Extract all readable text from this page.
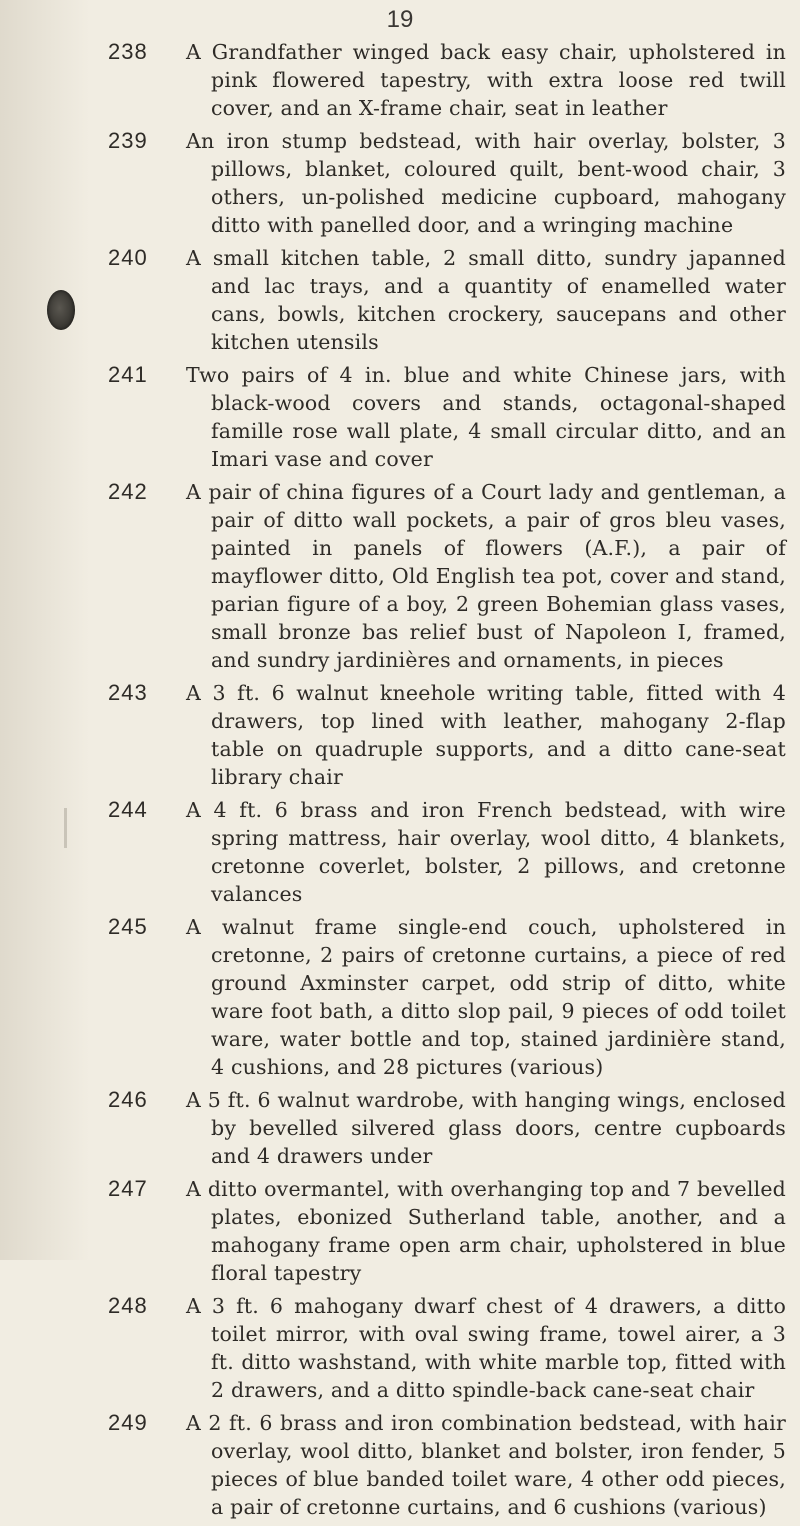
19
238 A Grandfather winged back easy chair, upholstered in pink flowered tapestry, with extra loose red twill cover, and an X-frame chair, seat in leather
239 An iron stump bedstead, with hair overlay, bolster, 3 pillows, blanket, coloured quilt, bent-wood chair, 3 others, un-polished medicine cupboard, mahogany ditto with panelled door, and a wringing machine
240 A small kitchen table, 2 small ditto, sundry japanned and lac trays, and a quantity of enamelled water cans, bowls, kitchen crockery, saucepans and other kitchen utensils
241 Two pairs of 4 in. blue and white Chinese jars, with black-wood covers and stands, octagonal-shaped famille rose wall plate, 4 small circular ditto, and an Imari vase and cover
242 A pair of china figures of a Court lady and gentleman, a pair of ditto wall pockets, a pair of gros bleu vases, painted in panels of flowers (A.F.), a pair of mayflower ditto, Old English tea pot, cover and stand, parian figure of a boy, 2 green Bohemian glass vases, small bronze bas relief bust of Napoleon I, framed, and sundry jardinières and ornaments, in pieces
243 A 3 ft. 6 walnut kneehole writing table, fitted with 4 drawers, top lined with leather, mahogany 2-flap table on quadruple supports, and a ditto cane-seat library chair
244 A 4 ft. 6 brass and iron French bedstead, with wire spring mattress, hair overlay, wool ditto, 4 blankets, cretonne coverlet, bolster, 2 pillows, and cretonne valances
245 A walnut frame single-end couch, upholstered in cretonne, 2 pairs of cretonne curtains, a piece of red ground Axminster carpet, odd strip of ditto, white ware foot bath, a ditto slop pail, 9 pieces of odd toilet ware, water bottle and top, stained jardinière stand, 4 cushions, and 28 pictures (various)
246 A 5 ft. 6 walnut wardrobe, with hanging wings, enclosed by bevelled silvered glass doors, centre cupboards and 4 drawers under
247 A ditto overmantel, with overhanging top and 7 bevelled plates, ebonized Sutherland table, another, and a mahogany frame open arm chair, upholstered in blue floral tapestry
248 A 3 ft. 6 mahogany dwarf chest of 4 drawers, a ditto toilet mirror, with oval swing frame, towel airer, a 3 ft. ditto washstand, with white marble top, fitted with 2 drawers, and a ditto spindle-back cane-seat chair
249 A 2 ft. 6 brass and iron combination bedstead, with hair overlay, wool ditto, blanket and bolster, iron fender, 5 pieces of blue banded toilet ware, 4 other odd pieces, a pair of cretonne curtains, and 6 cushions (various)
